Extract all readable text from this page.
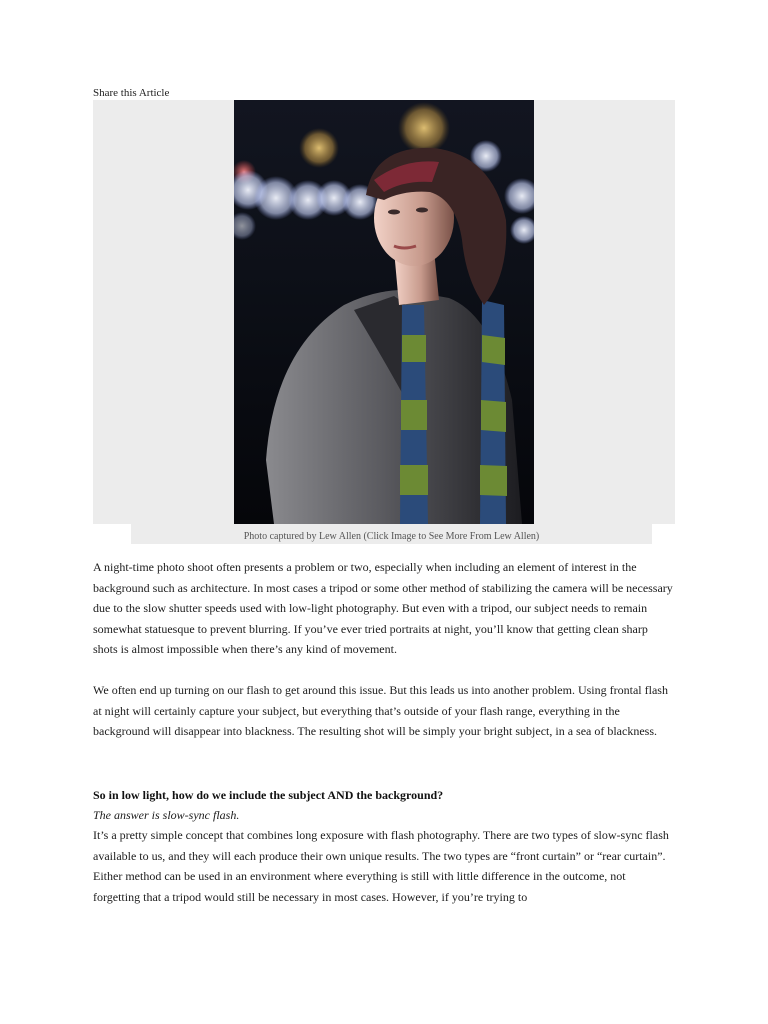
Share this Article
Photo captured by Lew Allen (Click Image to See More From Lew Allen)
A night-time photo shoot often presents a problem or two, especially when including an element of interest in the background such as architecture. In most cases a tripod or some other method of stabilizing the camera will be necessary due to the slow shutter speeds used with low-light photography. But even with a tripod, our subject needs to remain somewhat statuesque to prevent blurring. If you’ve ever tried portraits at night, you’ll know that getting clean sharp shots is almost impossible when there’s any kind of movement.
We often end up turning on our flash to get around this issue. But this leads us into another problem. Using frontal flash at night will certainly capture your subject, but everything that’s outside of your flash range, everything in the background will disappear into blackness. The resulting shot will be simply your bright subject, in a sea of blackness.
So in low light, how do we include the subject AND the background?
The answer is slow-sync flash.
It’s a pretty simple concept that combines long exposure with flash photography. There are two types of slow-sync flash available to us, and they will each produce their own unique results. The two types are “front curtain” or “rear curtain”. Either method can be used in an environment where everything is still with little difference in the outcome, not forgetting that a tripod would still be necessary in most cases. However, if you’re trying to
